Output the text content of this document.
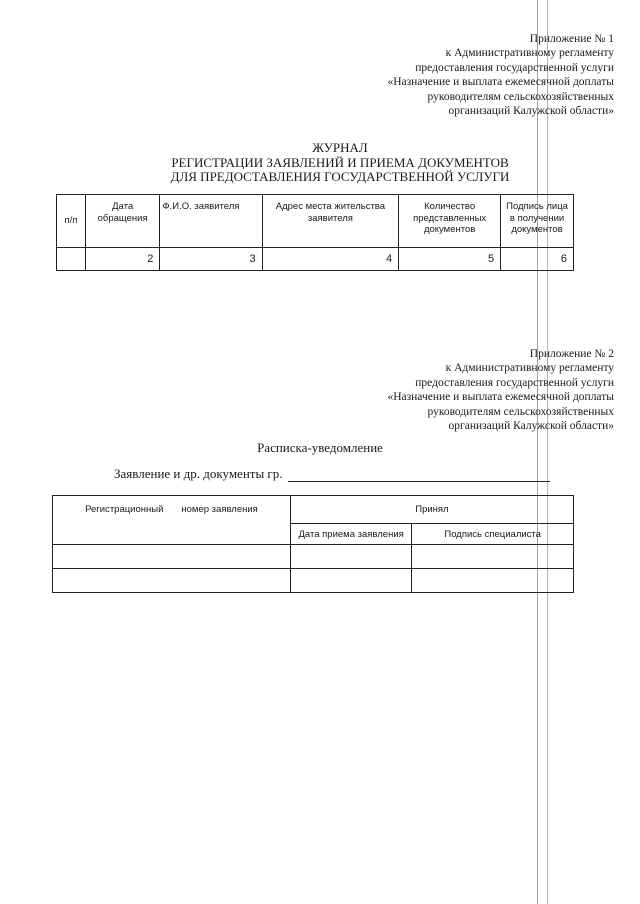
Приложение № 1
к Административному регламенту
предоставления государственной услуги
«Назначение и выплата ежемесячной доплаты
руководителям сельскохозяйственных
организаций Калужской области»
ЖУРНАЛ
РЕГИСТРАЦИИ ЗАЯВЛЕНИЙ И ПРИЕМА ДОКУМЕНТОВ
ДЛЯ ПРЕДОСТАВЛЕНИЯ ГОСУДАРСТВЕННОЙ УСЛУГИ
п/п	Дата обращения	Ф.И.О. заявителя	Адрес места жительства заявителя	Количество представленных документов	Подпись лица в получении документов
	2	3	4	5	6
Приложение № 2
к Административному регламенту
предоставления государственной услуги
«Назначение и выплата ежемесячной доплаты
руководителям сельскохозяйственных
организаций Калужской области»
Расписка-уведомление
Заявление и др. документы гр.
Регистрационный номер заявления	Принял	
	Дата приема заявления	Подпись специалиста
